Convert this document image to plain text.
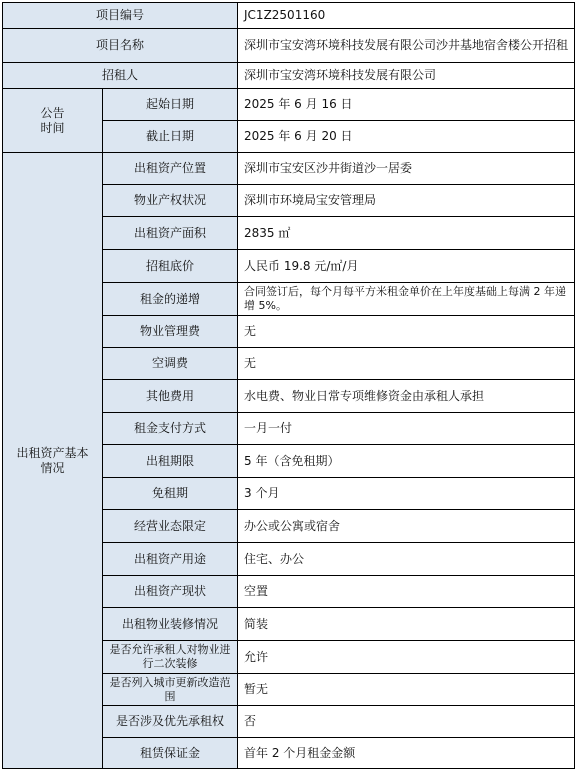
项目编号		JC1Z2501160
项目名称		深圳市宝安湾环境科技发展有限公司沙井基地宿舍楼公开招租
招租人		深圳市宝安湾环境科技发展有限公司
公告
时间	起始日期	2025 年 6 月 16 日
	截止日期	2025 年 6 月 20 日
出租资产基本
情况	出租资产位置	深圳市宝安区沙井街道沙一居委
	物业产权状况	深圳市环境局宝安管理局
	出租资产面积	2835 ㎡
	招租底价	人民币 19.8 元/㎡/月
	租金的递增	合同签订后，每个月每平方米租金单价在上年度基础上每满 2 年递增 5%。
	物业管理费	无
	空调费	无
	其他费用	水电费、物业日常专项维修资金由承租人承担
	租金支付方式	一月一付
	出租期限	5 年（含免租期）
	免租期	3 个月
	经营业态限定	办公或公寓或宿舍
	出租资产用途	住宅、办公
	出租资产现状	空置
	出租物业装修情况	简装
	是否允许承租人对物业进行二次装修	允许
	是否列入城市更新改造范围	暂无
	是否涉及优先承租权	否
	租赁保证金	首年 2 个月租金金额
